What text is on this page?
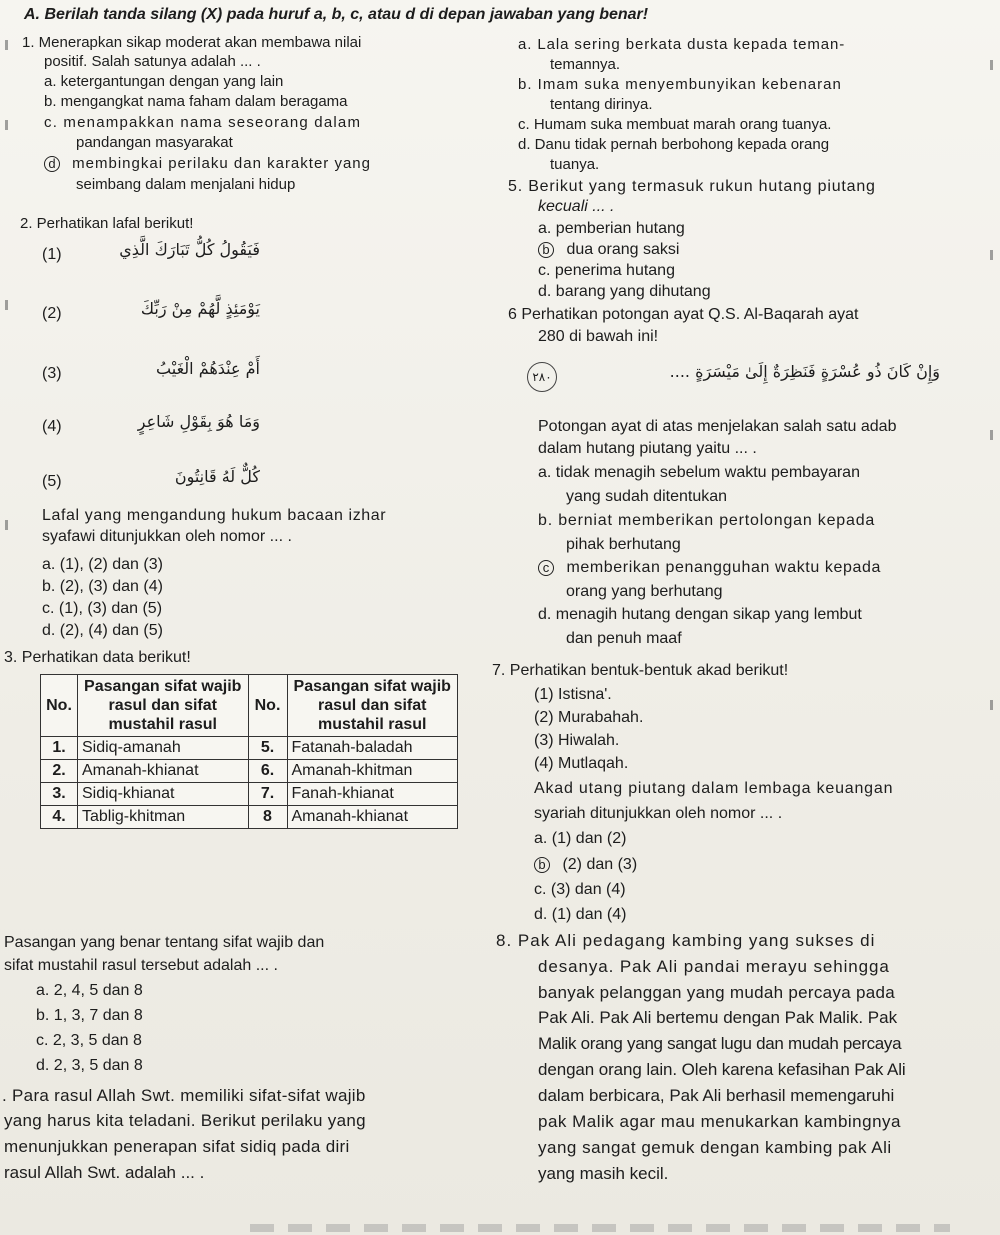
A. Berilah tanda silang (X) pada huruf a, b, c, atau d di depan jawaban yang benar!
1. Menerapkan sikap moderat akan membawa nilai
positif. Salah satunya adalah ... .
a. ketergantungan dengan yang lain
b. mengangkat nama faham dalam beragama
c. menampakkan nama seseorang dalam
pandangan masyarakat
d membingkai perilaku dan karakter yang
seimbang dalam menjalani hidup
2. Perhatikan lafal berikut!
(1)	فَيَقُولُ كُلُّ تَبَارَكَ الَّذِي
(2)	يَوْمَئِذٍ لَّهُمْ مِنْ رَبِّكَ
(3)	أَمْ عِنْدَهُمْ الْغَيْبُ
(4)	وَمَا هُوَ بِقَوْلِ شَاعِرٍ
(5)	كُلٌّ لَهُ قَانِتُونَ
Lafal yang mengandung hukum bacaan izhar
syafawi ditunjukkan oleh nomor ... .
a. (1), (2) dan (3)
b. (2), (3) dan (4)
c. (1), (3) dan (5)
d. (2), (4) dan (5)
3. Perhatikan data berikut!
No.	Pasangan sifat wajib rasul dan sifat mustahil rasul	No.	Pasangan sifat wajib rasul dan sifat mustahil rasul
1.	Sidiq-amanah	5.	Fatanah-baladah
2.	Amanah-khianat	6.	Amanah-khitman
3.	Sidiq-khianat	7.	Fanah-khianat
4.	Tablig-khitman	8	Amanah-khianat
Pasangan yang benar tentang sifat wajib dan
sifat mustahil rasul tersebut adalah ... .
a. 2, 4, 5 dan 8
b. 1, 3, 7 dan 8
c. 2, 3, 5 dan 8
d. 2, 3, 5 dan 8
. Para rasul Allah Swt. memiliki sifat-sifat wajib
yang harus kita teladani. Berikut perilaku yang
menunjukkan penerapan sifat sidiq pada diri
rasul Allah Swt. adalah ... .
a. Lala sering berkata dusta kepada teman-
temannya.
b. Imam suka menyembunyikan kebenaran
tentang dirinya.
c. Humam suka membuat marah orang tuanya.
d. Danu tidak pernah berbohong kepada orang
tuanya.
5. Berikut yang termasuk rukun hutang piutang
kecuali ... .
a. pemberian hutang
b dua orang saksi
c. penerima hutang
d. barang yang dihutang
6 Perhatikan potongan ayat Q.S. Al-Baqarah ayat
280 di bawah ini!
٢٨٠	وَإِنْ كَانَ ذُو عُسْرَةٍ فَنَظِرَةٌ إِلَىٰ مَيْسَرَةٍ ....
Potongan ayat di atas menjelakan salah satu adab
dalam hutang piutang yaitu ... .
a. tidak menagih sebelum waktu pembayaran
yang sudah ditentukan
b. berniat memberikan pertolongan kepada
pihak berhutang
c memberikan penangguhan waktu kepada
orang yang berhutang
d. menagih hutang dengan sikap yang lembut
dan penuh maaf
7. Perhatikan bentuk-bentuk akad berikut!
(1) Istisna'.
(2) Murabahah.
(3) Hiwalah.
(4) Mutlaqah.
Akad utang piutang dalam lembaga keuangan
syariah ditunjukkan oleh nomor ... .
a. (1) dan (2)
b (2) dan (3)
c. (3) dan (4)
d. (1) dan (4)
8. Pak Ali pedagang kambing yang sukses di
desanya. Pak Ali pandai merayu sehingga
banyak pelanggan yang mudah percaya pada
Pak Ali. Pak Ali bertemu dengan Pak Malik. Pak
Malik orang yang sangat lugu dan mudah percaya
dengan orang lain. Oleh karena kefasihan Pak Ali
dalam berbicara, Pak Ali berhasil memengaruhi
pak Malik agar mau menukarkan kambingnya
yang sangat gemuk dengan kambing pak Ali
yang masih kecil.
